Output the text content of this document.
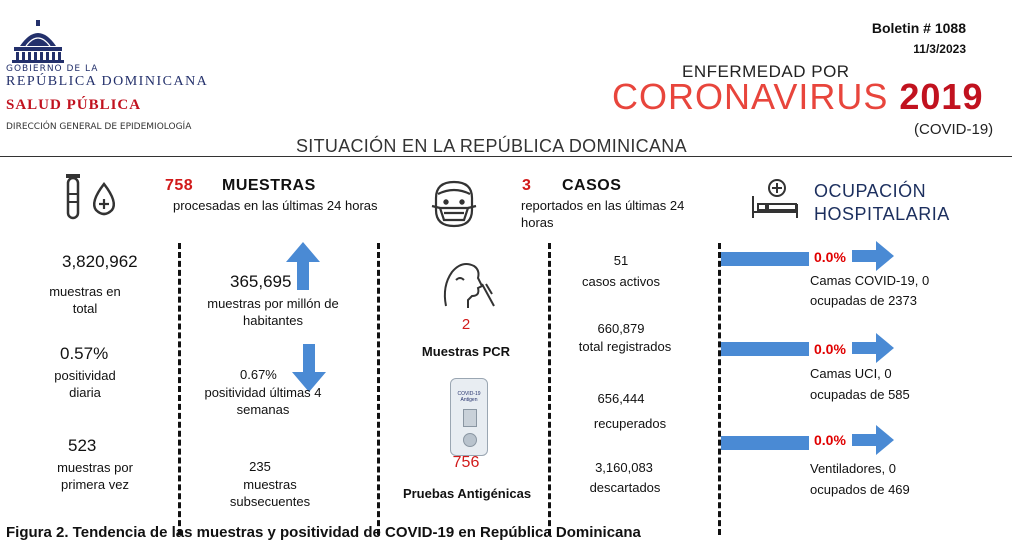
GOBIERNO DE LA
REPÚBLICA DOMINICANA
SALUD PÚBLICA
DIRECCIÓN GENERAL DE EPIDEMIOLOGÍA
Boletin # 1088
11/3/2023
ENFERMEDAD POR
CORONAVIRUS 2019
(COVID-19)
SITUACIÓN EN LA REPÚBLICA DOMINICANA
758 MUESTRAS
procesadas en las últimas 24 horas
3,820,962
muestras en total
0.57%
positividad diaria
523
muestras por primera vez
365,695
muestras por millón de habitantes
0.67%
positividad últimas 4 semanas
235
muestras subsecuentes
3 CASOS
reportados en las últimas 24 horas
2
Muestras PCR
COVID-19 Antigen
756
Pruebas Antigénicas
51
casos activos
660,879
total registrados
656,444
recuperados
3,160,083
descartados
OCUPACIÓN
HOSPITALARIA
0.0%
Camas COVID-19, 0
ocupadas de 2373
0.0%
Camas UCI, 0
ocupadas de 585
0.0%
Ventiladores, 0
ocupados de 469
Figura 2. Tendencia de las muestras y positividad de COVID-19 en República Dominicana
